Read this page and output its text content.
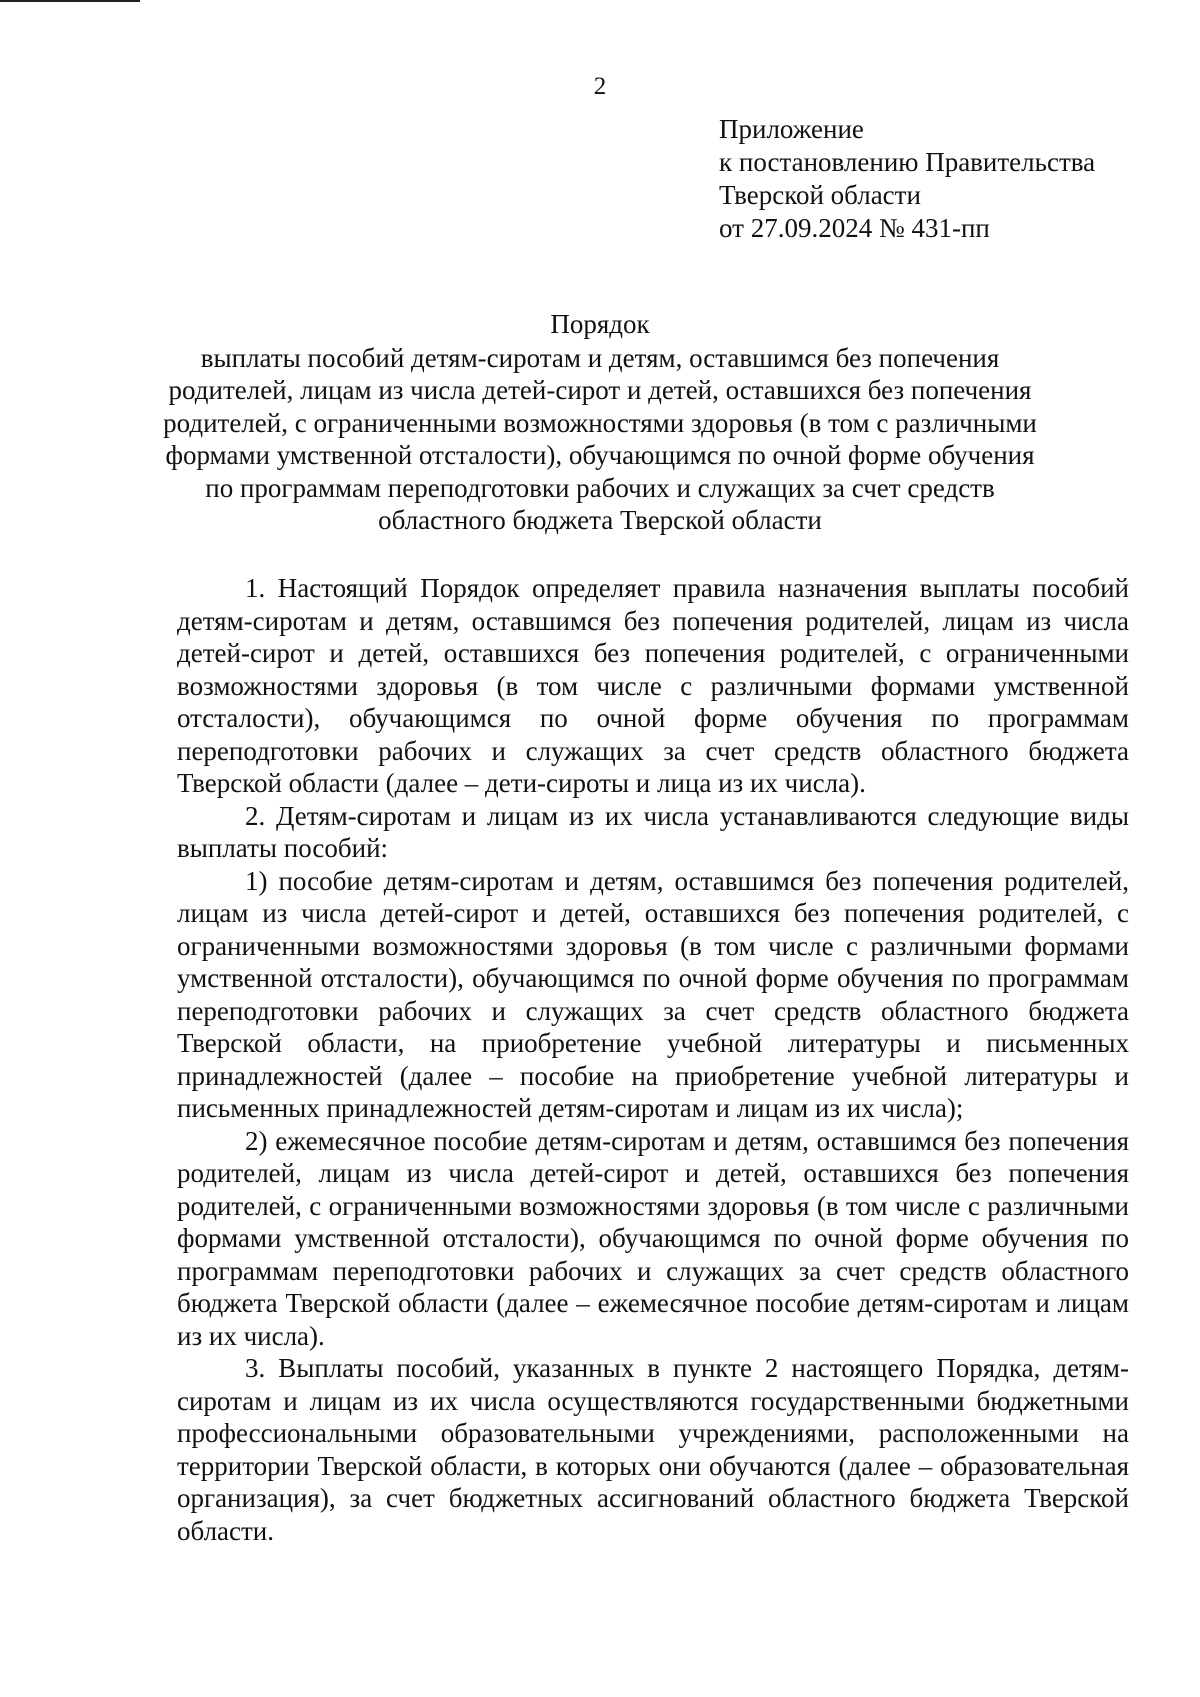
2
Приложение
к постановлению Правительства
Тверской области
от 27.09.2024 № 431-пп
Порядок
выплаты пособий детям-сиротам и детям, оставшимся без попечения
родителей, лицам из числа детей-сирот и детей, оставшихся без попечения
родителей, с ограниченными возможностями здоровья (в том с различными
формами умственной отсталости), обучающимся по очной форме обучения
по программам переподготовки рабочих и служащих за счет средств
областного бюджета Тверской области

1. Настоящий Порядок определяет правила назначения выплаты пособий детям-сиротам и детям, оставшимся без попечения родителей, лицам из числа детей-сирот и детей, оставшихся без попечения родителей, с ограниченными возможностями здоровья (в том числе с различными формами умственной отсталости), обучающимся по очной форме обучения по программам переподготовки рабочих и служащих за счет средств областного бюджета Тверской области (далее – дети-сироты и лица из их числа).

2. Детям-сиротам и лицам из их числа устанавливаются следующие виды выплаты пособий:

1) пособие детям-сиротам и детям, оставшимся без попечения родителей, лицам из числа детей-сирот и детей, оставшихся без попечения родителей, с ограниченными возможностями здоровья (в том числе с различными формами умственной отсталости), обучающимся по очной форме обучения по программам переподготовки рабочих и служащих за счет средств областного бюджета Тверской области, на приобретение учебной литературы и письменных принадлежностей (далее – пособие на приобретение учебной литературы и письменных принадлежностей детям-сиротам и лицам из их числа);

2) ежемесячное пособие детям-сиротам и детям, оставшимся без попечения родителей, лицам из числа детей-сирот и детей, оставшихся без попечения родителей, с ограниченными возможностями здоровья (в том числе с различными формами умственной отсталости), обучающимся по очной форме обучения по программам переподготовки рабочих и служащих за счет средств областного бюджета Тверской области (далее – ежемесячное пособие детям-сиротам и лицам из их числа).

3. Выплаты пособий, указанных в пункте 2 настоящего Порядка, детям-сиротам и лицам из их числа осуществляются государственными бюджетными профессиональными образовательными учреждениями, расположенными на территории Тверской области, в которых они обучаются (далее – образовательная организация), за счет бюджетных ассигнований областного бюджета Тверской области.
